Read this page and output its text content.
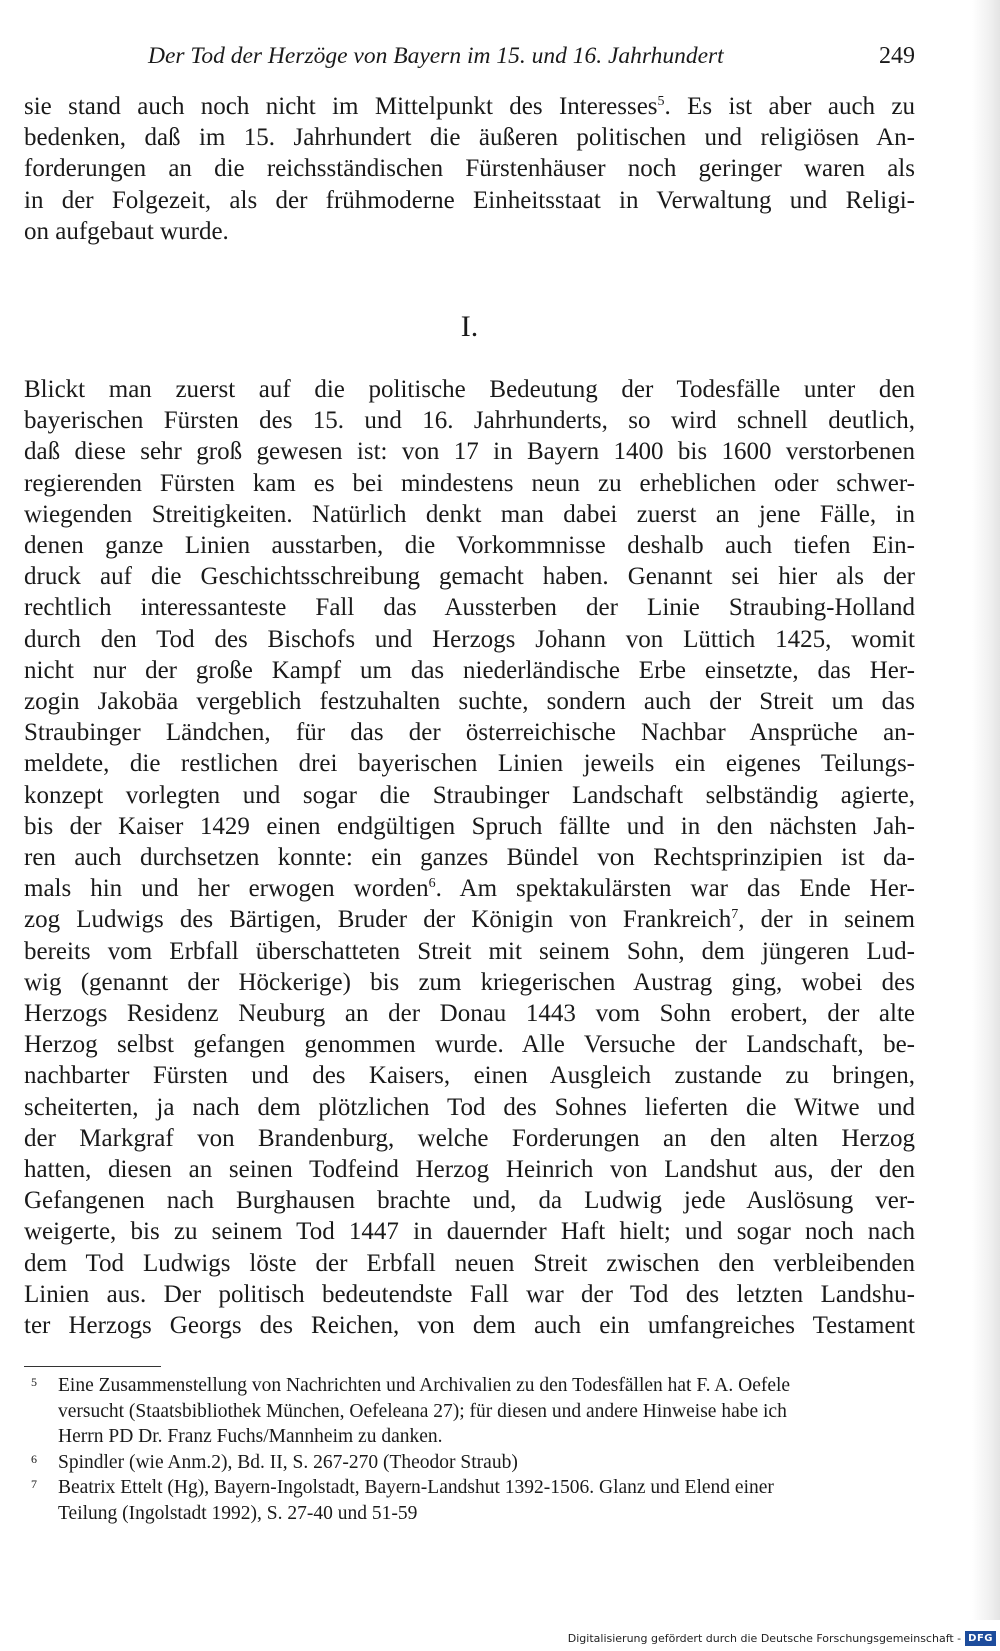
Der Tod der Herzöge von Bayern im 15. und 16. Jahrhundert	249
sie stand auch noch nicht im Mittelpunkt des Interesses$^5$. Es ist aber auch zu
bedenken, daß im 15. Jahrhundert die äußeren politischen und religiösen An-
forderungen an die reichsständischen Fürstenhäuser noch geringer waren als
in der Folgezeit, als der frühmoderne Einheitsstaat in Verwaltung und Religi-
on aufgebaut wurde.
I.
Blickt man zuerst auf die politische Bedeutung der Todesfälle unter den
bayerischen Fürsten des 15. und 16. Jahrhunderts, so wird schnell deutlich,
daß diese sehr groß gewesen ist: von 17 in Bayern 1400 bis 1600 verstorbenen
regierenden Fürsten kam es bei mindestens neun zu erheblichen oder schwer-
wiegenden Streitigkeiten. Natürlich denkt man dabei zuerst an jene Fälle, in
denen ganze Linien ausstarben, die Vorkommnisse deshalb auch tiefen Ein-
druck auf die Geschichtsschreibung gemacht haben. Genannt sei hier als der
rechtlich interessanteste Fall das Aussterben der Linie Straubing-Holland
durch den Tod des Bischofs und Herzogs Johann von Lüttich 1425, womit
nicht nur der große Kampf um das niederländische Erbe einsetzte, das Her-
zogin Jakobäa vergeblich festzuhalten suchte, sondern auch der Streit um das
Straubinger Ländchen, für das der österreichische Nachbar Ansprüche an-
meldete, die restlichen drei bayerischen Linien jeweils ein eigenes Teilungs-
konzept vorlegten und sogar die Straubinger Landschaft selbständig agierte,
bis der Kaiser 1429 einen endgültigen Spruch fällte und in den nächsten Jah-
ren auch durchsetzen konnte: ein ganzes Bündel von Rechtsprinzipien ist da-
mals hin und her erwogen worden$^6$. Am spektakulärsten war das Ende Her-
zog Ludwigs des Bärtigen, Bruder der Königin von Frankreich$^7$, der in seinem
bereits vom Erbfall überschatteten Streit mit seinem Sohn, dem jüngeren Lud-
wig (genannt der Höckerige) bis zum kriegerischen Austrag ging, wobei des
Herzogs Residenz Neuburg an der Donau 1443 vom Sohn erobert, der alte
Herzog selbst gefangen genommen wurde. Alle Versuche der Landschaft, be-
nachbarter Fürsten und des Kaisers, einen Ausgleich zustande zu bringen,
scheiterten, ja nach dem plötzlichen Tod des Sohnes lieferten die Witwe und
der Markgraf von Brandenburg, welche Forderungen an den alten Herzog
hatten, diesen an seinen Todfeind Herzog Heinrich von Landshut aus, der den
Gefangenen nach Burghausen brachte und, da Ludwig jede Auslösung ver-
weigerte, bis zu seinem Tod 1447 in dauernder Haft hielt; und sogar noch nach
dem Tod Ludwigs löste der Erbfall neuen Streit zwischen den verbleibenden
Linien aus. Der politisch bedeutendste Fall war der Tod des letzten Landshu-
ter Herzogs Georgs des Reichen, von dem auch ein umfangreiches Testament
5 Eine Zusammenstellung von Nachrichten und Archivalien zu den Todesfällen hat F. A. Oefele
versucht (Staatsbibliothek München, Oefeleana 27); für diesen und andere Hinweise habe ich
Herrn PD Dr. Franz Fuchs/Mannheim zu danken.
6 Spindler (wie Anm.2), Bd. II, S. 267-270 (Theodor Straub)
7 Beatrix Ettelt (Hg), Bayern-Ingolstadt, Bayern-Landshut 1392-1506. Glanz und Elend einer
Teilung (Ingolstadt 1992), S. 27-40 und 51-59
Digitalisierung gefördert durch die Deutsche Forschungsgemeinschaft - DFG
